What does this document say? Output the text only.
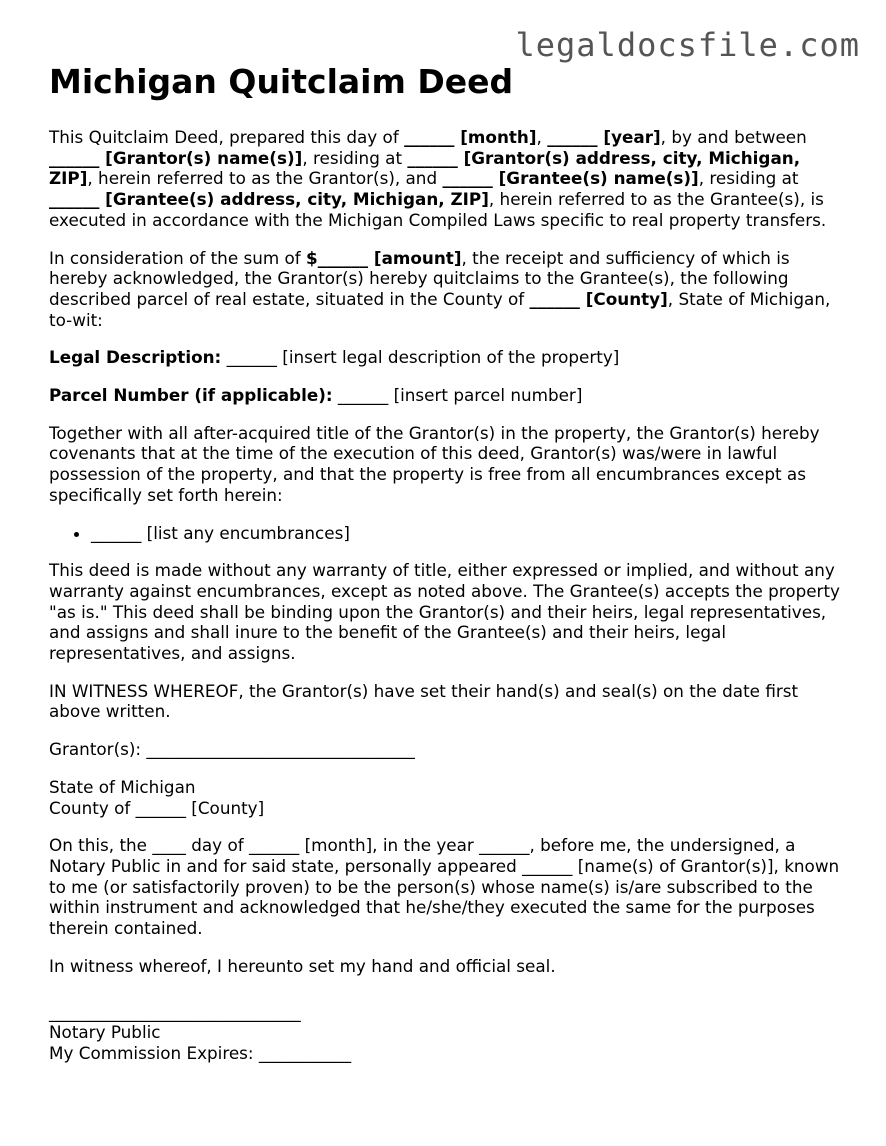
legaldocsfile.com
Michigan Quitclaim Deed

This Quitclaim Deed, prepared this day of ______ [month], ______ [year], by and between ______ [Grantor(s) name(s)], residing at ______ [Grantor(s) address, city, Michigan, ZIP], herein referred to as the Grantor(s), and ______ [Grantee(s) name(s)], residing at ______ [Grantee(s) address, city, Michigan, ZIP], herein referred to as the Grantee(s), is executed in accordance with the Michigan Compiled Laws specific to real property transfers.

In consideration of the sum of $______ [amount], the receipt and sufficiency of which is hereby acknowledged, the Grantor(s) hereby quitclaims to the Grantee(s), the following described parcel of real estate, situated in the County of ______ [County], State of Michigan, to-wit:

Legal Description: ______ [insert legal description of the property]

Parcel Number (if applicable): ______ [insert parcel number]

Together with all after-acquired title of the Grantor(s) in the property, the Grantor(s) hereby covenants that at the time of the execution of this deed, Grantor(s) was/were in lawful possession of the property, and that the property is free from all encumbrances except as specifically set forth herein:

• ______ [list any encumbrances]

This deed is made without any warranty of title, either expressed or implied, and without any warranty against encumbrances, except as noted above. The Grantee(s) accepts the property "as is." This deed shall be binding upon the Grantor(s) and their heirs, legal representatives, and assigns and shall inure to the benefit of the Grantee(s) and their heirs, legal representatives, and assigns.

IN WITNESS WHEREOF, the Grantor(s) have set their hand(s) and seal(s) on the date first above written.

Grantor(s): ________________________________

State of Michigan
County of ______ [County]

On this, the ____ day of ______ [month], in the year ______, before me, the undersigned, a Notary Public in and for said state, personally appeared ______ [name(s) of Grantor(s)], known to me (or satisfactorily proven) to be the person(s) whose name(s) is/are subscribed to the within instrument and acknowledged that he/she/they executed the same for the purposes therein contained.

In witness whereof, I hereunto set my hand and official seal.

______________________________
Notary Public
My Commission Expires: ___________
